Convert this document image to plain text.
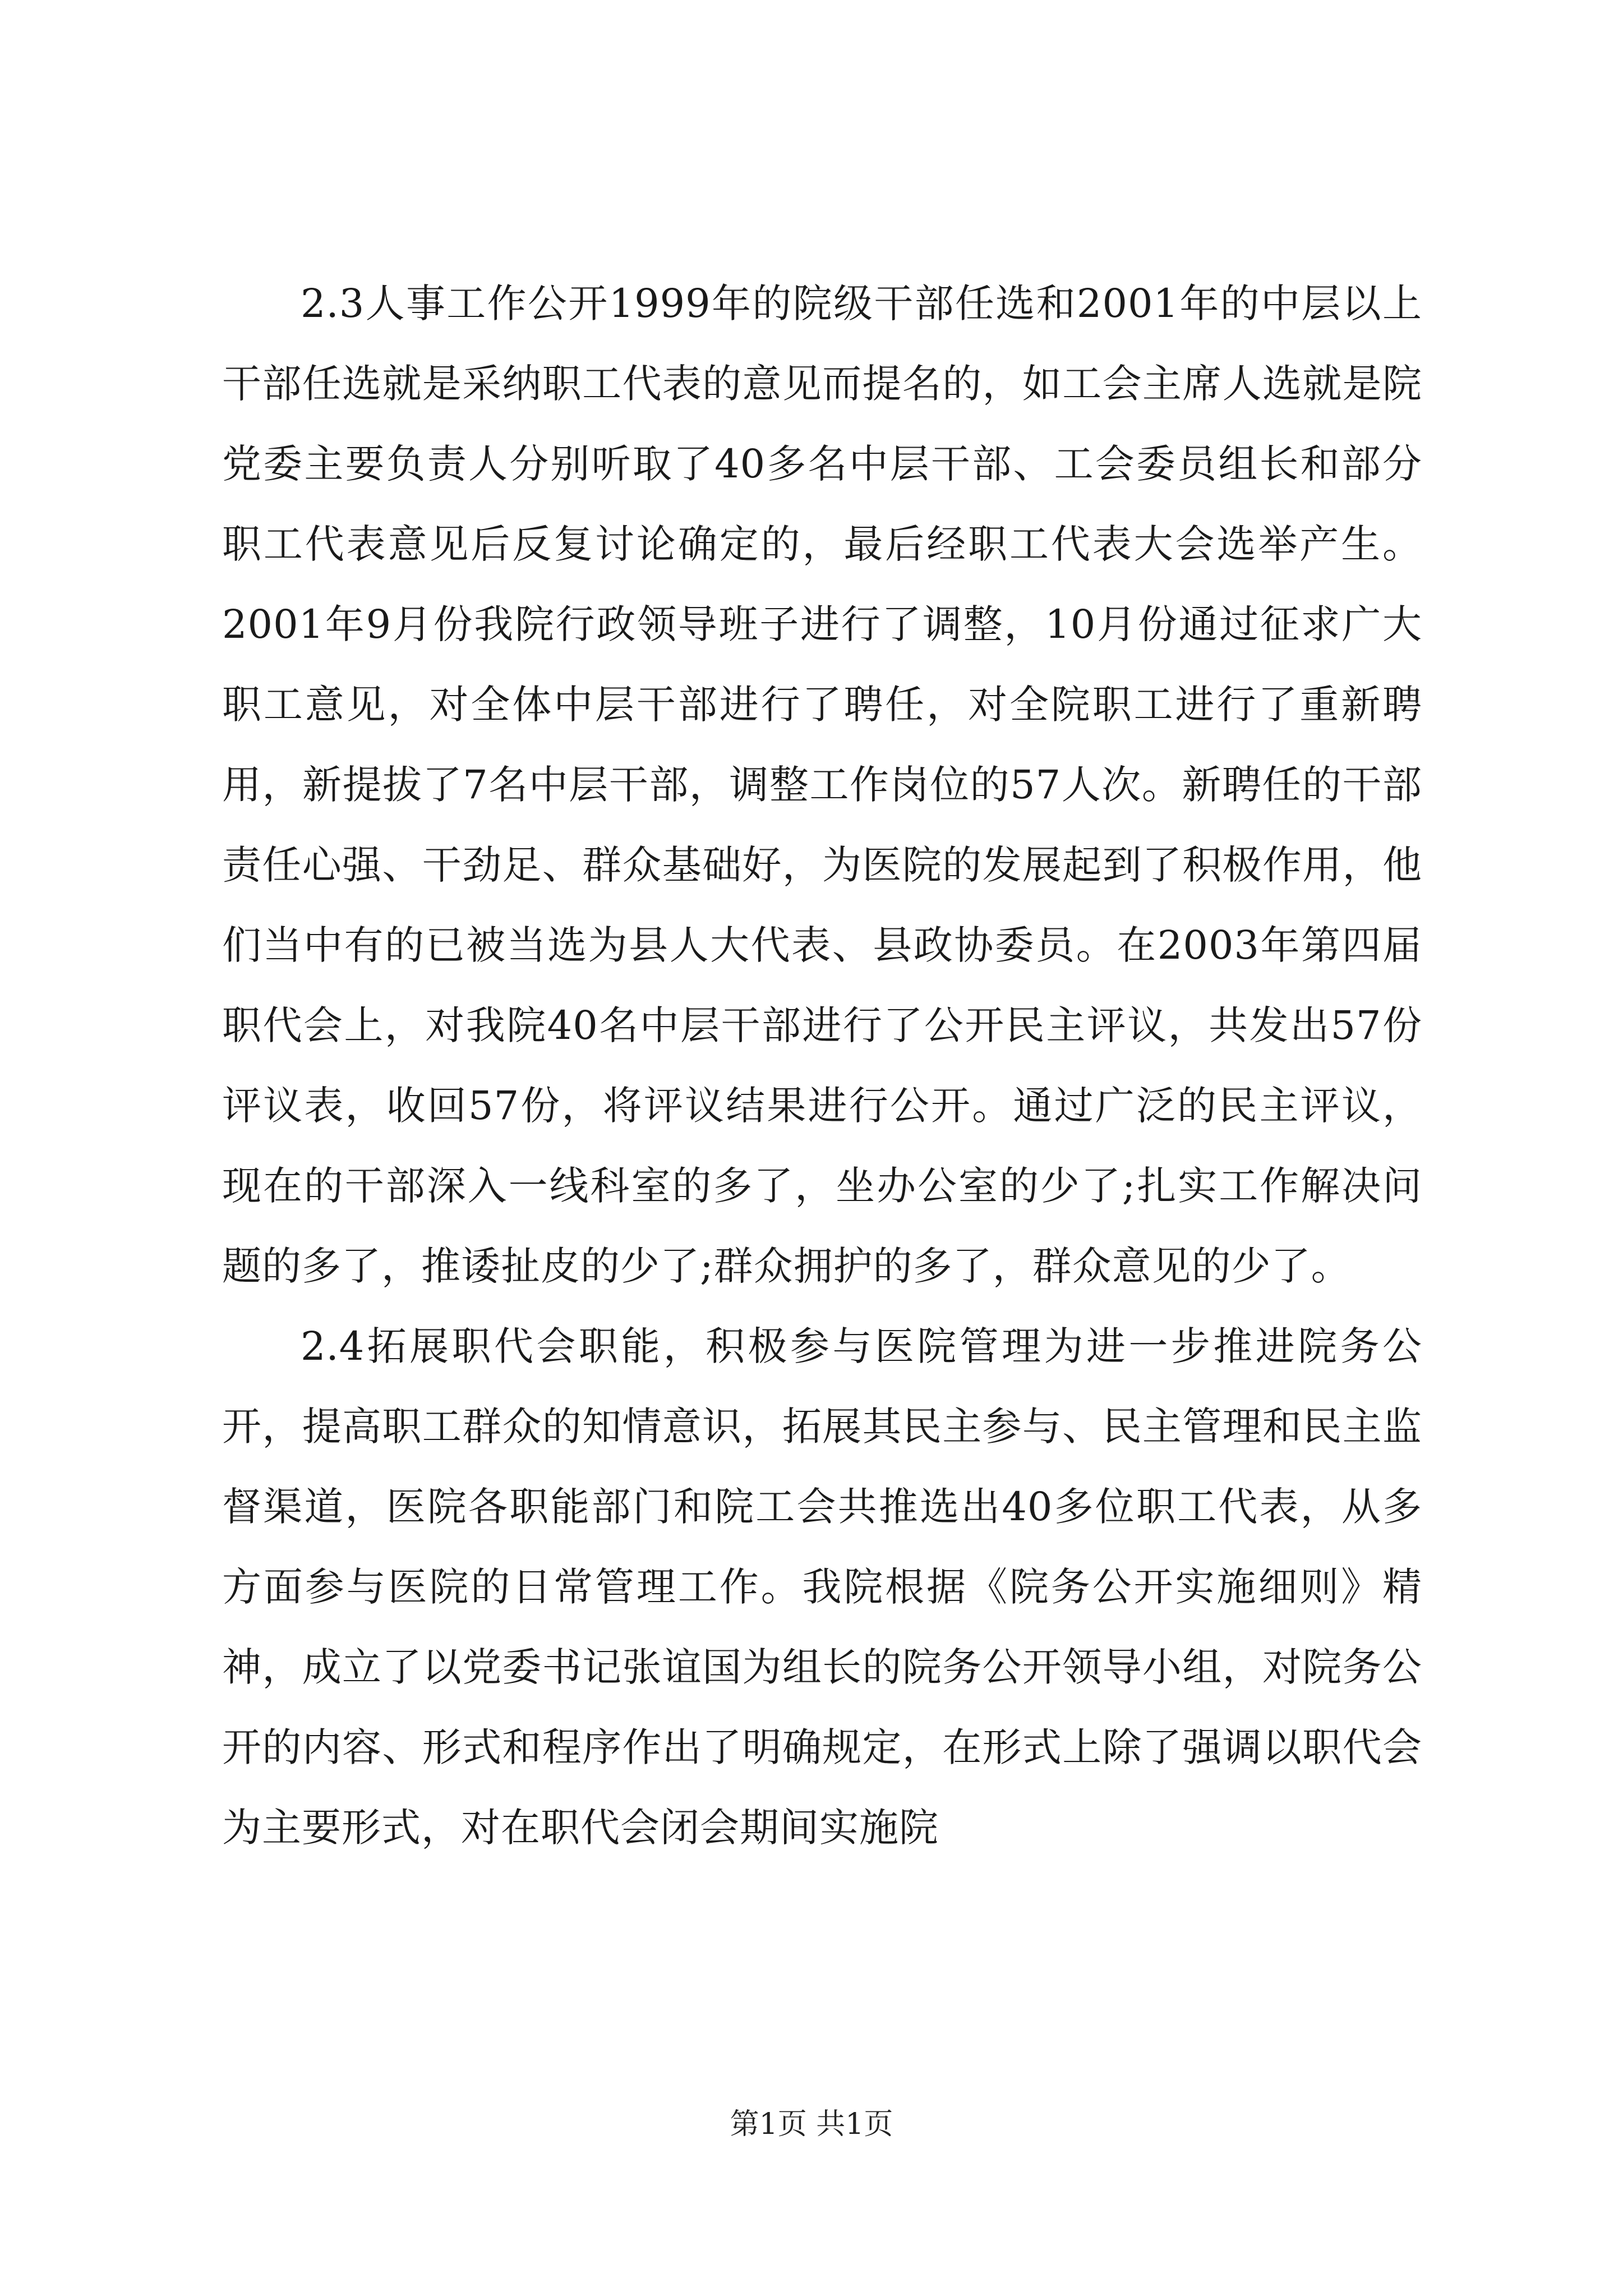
2.3人事工作公开1999年的院级干部任选和2001年的中层以上干部任选就是采纳职工代表的意见而提名的，如工会主席人选就是院党委主要负责人分别听取了40多名中层干部、工会委员组长和部分职工代表意见后反复讨论确定的，最后经职工代表大会选举产生。2001年9月份我院行政领导班子进行了调整，10月份通过征求广大职工意见，对全体中层干部进行了聘任，对全院职工进行了重新聘用，新提拔了7名中层干部，调整工作岗位的57人次。新聘任的干部责任心强、干劲足、群众基础好，为医院的发展起到了积极作用，他们当中有的已被当选为县人大代表、县政协委员。在2003年第四届职代会上，对我院40名中层干部进行了公开民主评议，共发出57份评议表，收回57份，将评议结果进行公开。通过广泛的民主评议，现在的干部深入一线科室的多了，坐办公室的少了;扎实工作解决问题的多了，推诿扯皮的少了;群众拥护的多了，群众意见的少了。

2.4拓展职代会职能，积极参与医院管理为进一步推进院务公开，提高职工群众的知情意识，拓展其民主参与、民主管理和民主监督渠道，医院各职能部门和院工会共推选出40多位职工代表，从多方面参与医院的日常管理工作。我院根据《院务公开实施细则》精神，成立了以党委书记张谊国为组长的院务公开领导小组，对院务公开的内容、形式和程序作出了明确规定，在形式上除了强调以职代会为主要形式，对在职代会闭会期间实施院

第1页 共1页
